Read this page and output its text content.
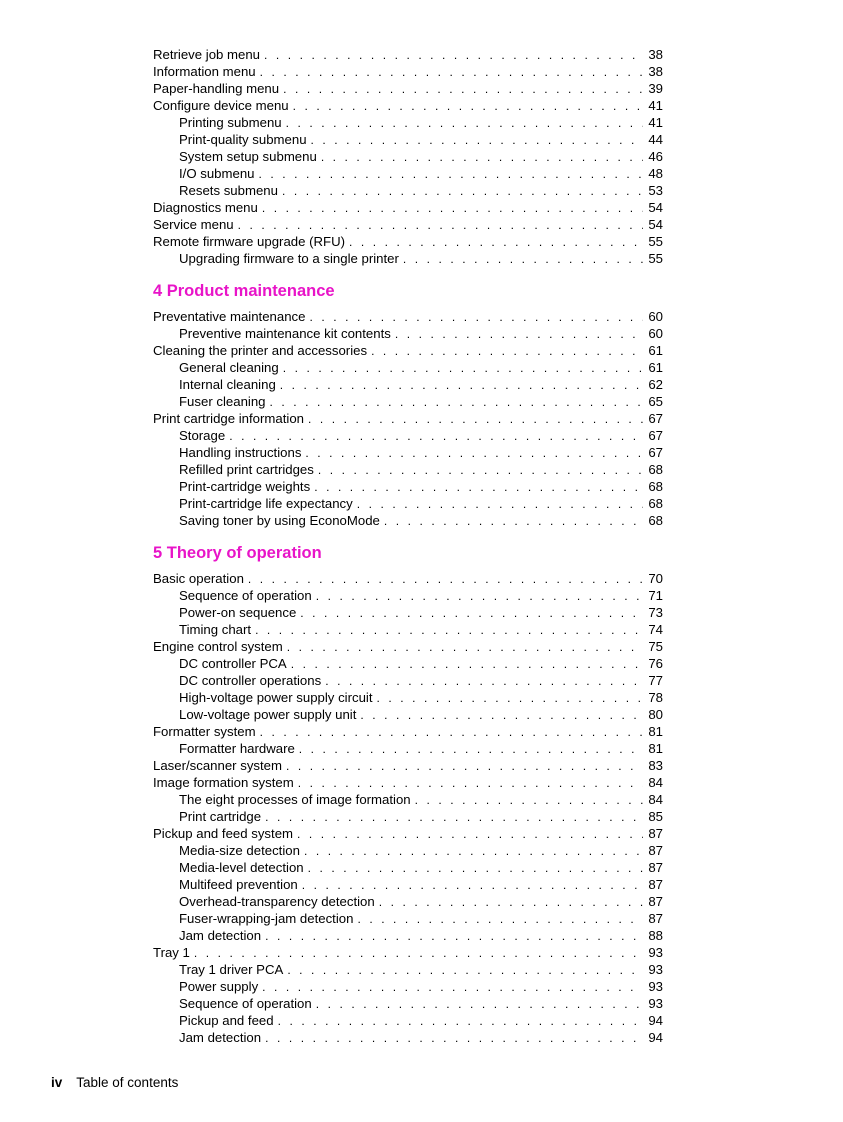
Retrieve job menu . . .	38
Information menu . . .	38
Paper-handling menu . . .	39
Configure device menu . . .	41
Printing submenu . . .	41
Print-quality submenu . . .	44
System setup submenu . . .	46
I/O submenu . . .	48
Resets submenu . . .	53
Diagnostics menu . . .	54
Service menu . . .	54
Remote firmware upgrade (RFU) . . .	55
Upgrading firmware to a single printer . . .	55
4 Product maintenance
Preventative maintenance . . .	60
Preventive maintenance kit contents . . .	60
Cleaning the printer and accessories . . .	61
General cleaning . . .	61
Internal cleaning . . .	62
Fuser cleaning . . .	65
Print cartridge information . . .	67
Storage . . .	67
Handling instructions . . .	67
Refilled print cartridges . . .	68
Print-cartridge weights . . .	68
Print-cartridge life expectancy . . .	68
Saving toner by using EconoMode . . .	68
5 Theory of operation
Basic operation . . .	70
Sequence of operation . . .	71
Power-on sequence . . .	73
Timing chart . . .	74
Engine control system . . .	75
DC controller PCA . . .	76
DC controller operations . . .	77
High-voltage power supply circuit . . .	78
Low-voltage power supply unit . . .	80
Formatter system . . .	81
Formatter hardware . . .	81
Laser/scanner system . . .	83
Image formation system . . .	84
The eight processes of image formation . . .	84
Print cartridge . . .	85
Pickup and feed system . . .	87
Media-size detection . . .	87
Media-level detection . . .	87
Multifeed prevention . . .	87
Overhead-transparency detection . . .	87
Fuser-wrapping-jam detection . . .	87
Jam detection . . .	88
Tray 1 . . .	93
Tray 1 driver PCA . . .	93
Power supply . . .	93
Sequence of operation . . .	93
Pickup and feed . . .	94
Jam detection . . .	94
iv Table of contents
